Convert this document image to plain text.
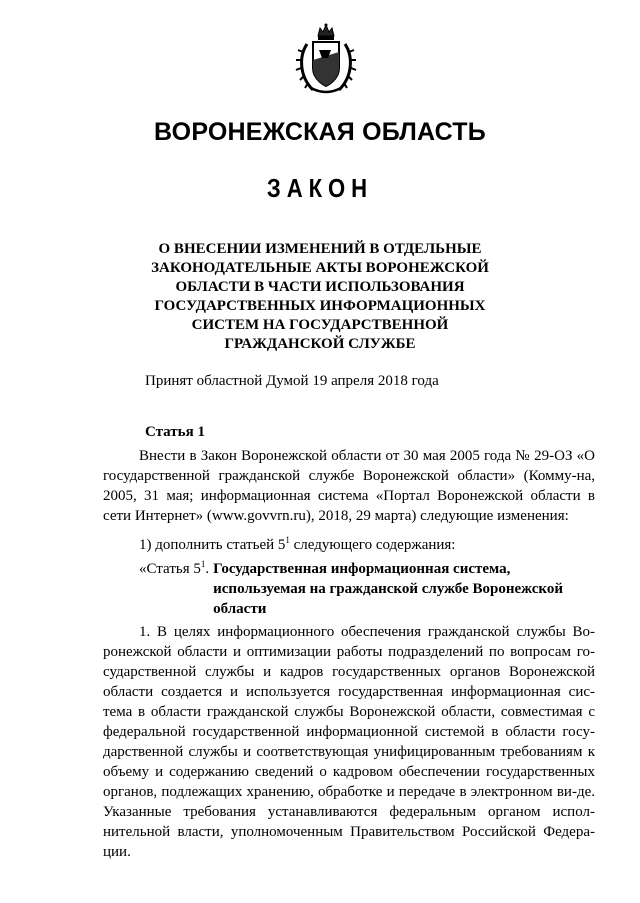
ВОРОНЕЖСКАЯ ОБЛАСТЬ
ЗАКОН
О ВНЕСЕНИИ ИЗМЕНЕНИЙ В ОТДЕЛЬНЫЕ
ЗАКОНОДАТЕЛЬНЫЕ АКТЫ ВОРОНЕЖСКОЙ
ОБЛАСТИ В ЧАСТИ ИСПОЛЬЗОВАНИЯ
ГОСУДАРСТВЕННЫХ ИНФОРМАЦИОННЫХ
СИСТЕМ НА ГОСУДАРСТВЕННОЙ
ГРАЖДАНСКОЙ СЛУЖБЕ
Принят областной Думой 19 апреля 2018 года
Статья 1
Внести в Закон Воронежской области от 30 мая 2005 года № 29-ОЗ «О государственной гражданской службе Воронежской области» (Комму-на, 2005, 31 мая; информационная система «Портал Воронежской области в сети Интернет» (www.govvrn.ru), 2018, 29 марта) следующие изменения:
1) дополнить статьей $5^1$ следующего содержания:
«Статья $5^1$. Государственная информационная система, используемая на гражданской службе Воронежской области
1. В целях информационного обеспечения гражданской службы Во-ронежской области и оптимизации работы подразделений по вопросам го-сударственной службы и кадров государственных органов Воронежской области создается и используется государственная информационная сис-тема в области гражданской службы Воронежской области, совместимая с федеральной государственной информационной системой в области госу-дарственной службы и соответствующая унифицированным требованиям к объему и содержанию сведений о кадровом обеспечении государственных органов, подлежащих хранению, обработке и передаче в электронном ви-де. Указанные требования устанавливаются федеральным органом испол-нительной власти, уполномоченным Правительством Российской Федера-ции.
